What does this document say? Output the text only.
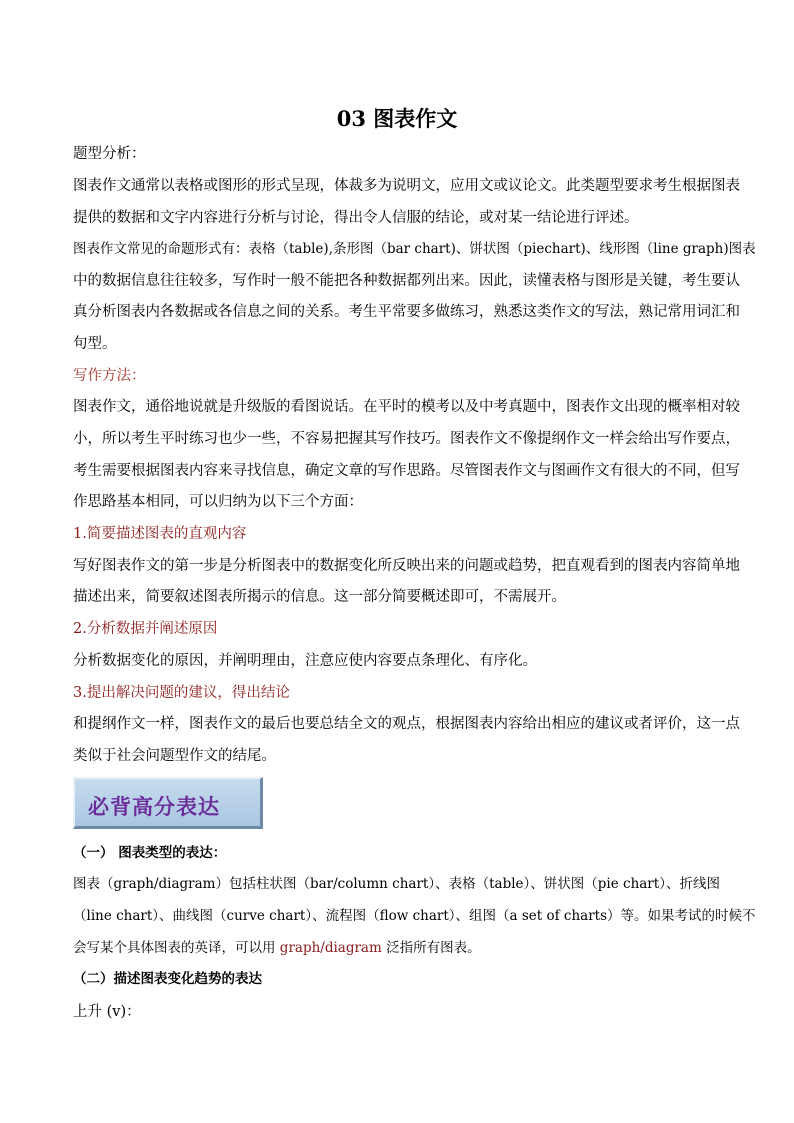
03 图表作文
题型分析：
图表作文通常以表格或图形的形式呈现，体裁多为说明文，应用文或议论文。此类题型要求考生根据图表
提供的数据和文字内容进行分析与讨论，得出令人信服的结论，或对某一结论进行评述。
图表作文常见的命题形式有：表格（table),条形图（bar chart)、饼状图（piechart)、线形图（line graph)图表
中的数据信息往往较多，写作时一般不能把各种数据都列出来。因此，读懂表格与图形是关键，考生要认
真分析图表内各数据或各信息之间的关系。考生平常要多做练习，熟悉这类作文的写法，熟记常用词汇和
句型。
写作方法：
图表作文，通俗地说就是升级版的看图说话。在平时的模考以及中考真题中，图表作文出现的概率相对较
小，所以考生平时练习也少一些，不容易把握其写作技巧。图表作文不像提纲作文一样会给出写作要点，
考生需要根据图表内容来寻找信息，确定文章的写作思路。尽管图表作文与图画作文有很大的不同，但写
作思路基本相同，可以归纳为以下三个方面：
1.简要描述图表的直观内容
写好图表作文的第一步是分析图表中的数据变化所反映出来的问题或趋势，把直观看到的图表内容简单地
描述出来，简要叙述图表所揭示的信息。这一部分简要概述即可，不需展开。
2.分析数据并阐述原因
分析数据变化的原因，并阐明理由，注意应使内容要点条理化、有序化。
3.提出解决问题的建议，得出结论
和提纲作文一样，图表作文的最后也要总结全文的观点，根据图表内容给出相应的建议或者评价，这一点
类似于社会问题型作文的结尾。
必背高分表达
（一） 图表类型的表达：
图表（graph/diagram）包括柱状图（bar/column chart）、表格（table）、饼状图（pie chart）、折线图
（line chart）、曲线图（curve chart）、流程图（flow chart）、组图（a set of charts）等。如果考试的时候不
会写某个具体图表的英译，可以用 graph/diagram 泛指所有图表。
（二）描述图表变化趋势的表达
上升 (v)：
